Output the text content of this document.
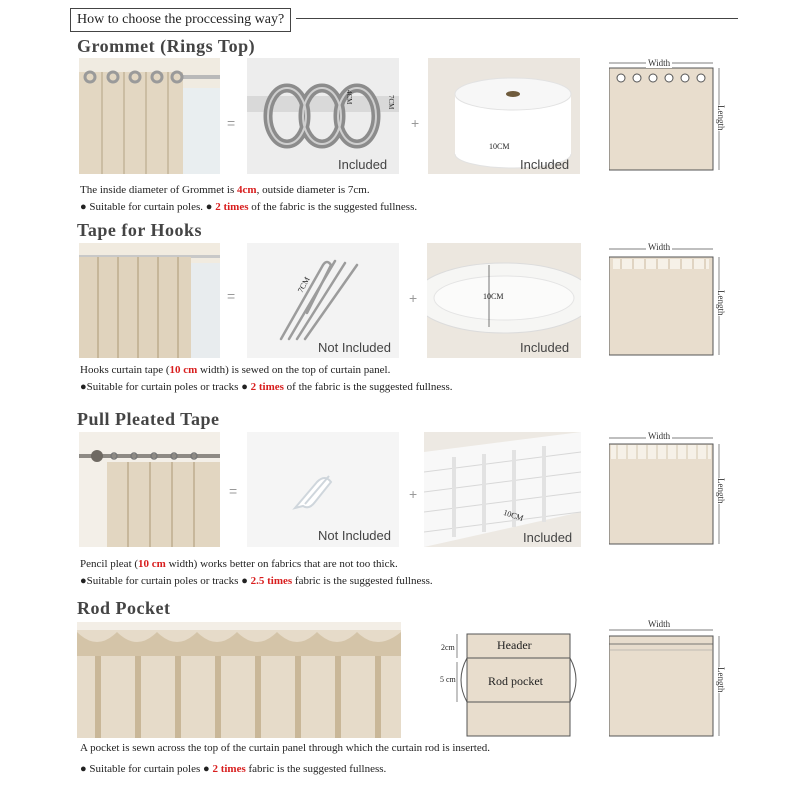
How to choose the proccessing way?
Grommet (Rings Top)
=
4CM	7CM
Included
+
10CM
Included
Width
Length
The inside diameter of Grommet is 4cm, outside diameter is 7cm.
● Suitable for curtain poles. ● 2 times of the fabric is the suggested fullness.
Tape for Hooks
=
7CM
Not Included
+	10CM
Included
Width
Length
Hooks curtain tape (10 cm width) is sewed on the top of curtain panel.
●Suitable for curtain poles or tracks ● 2 times of the fabric is the suggested fullness.
Pull Pleated Tape
=
Not Included
+
10CM
Included
Width
Length
Pencil pleat (10 cm width) works better on fabrics that are not too thick.
●Suitable for curtain poles or tracks ● 2.5 times fabric is the suggested fullness.
Rod Pocket
2cm
5 cm
Header
Rod pocket
Width
Length
A pocket is sewn across the top of the curtain panel through which the curtain rod is inserted.
● Suitable for curtain poles ● 2 times fabric is the suggested fullness.
